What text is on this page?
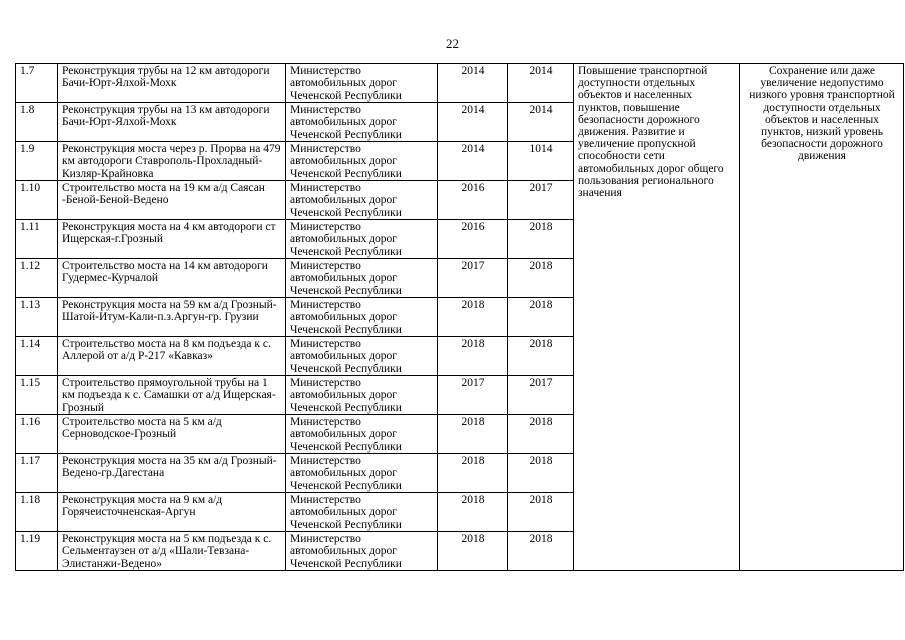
22
1.7	Реконструкция трубы на 12 км автодороги Бачи-Юрт-Ялхой-Мохк	Министерство автомобильных дорог Чеченской Республики	2014	2014	Повышение транспортной доступности отдельных объектов и населенных пунктов, повышение безопасности дорожного движения. Развитие и увеличение пропускной способности сети автомобильных дорог общего пользования регионального значения	Сохранение или даже увеличение недопустимо низкого уровня транспортной доступности отдельных объектов и населенных пунктов, низкий уровень безопасности дорожного движения
1.8	Реконструкция трубы на 13 км автодороги Бачи-Юрт-Ялхой-Мохк	Министерство автомобильных дорог Чеченской Республики	2014	2014		
1.9	Реконструкция моста через р. Прорва на 479 км автодороги Ставрополь-Прохладный-Кизляр-Крайновка	Министерство автомобильных дорог Чеченской Республики	2014	1014		
1.10	Строительство моста на 19 км а/д Саясан -Беной-Беной-Ведено	Министерство автомобильных дорог Чеченской Республики	2016	2017		
1.11	Реконструкция моста на 4 км автодороги ст Ищерская-г.Грозный	Министерство автомобильных дорог Чеченской Республики	2016	2018		
1.12	Строительство моста на 14 км автодороги Гудермес-Курчалой	Министерство автомобильных дорог Чеченской Республики	2017	2018		
1.13	Реконструкция моста на 59 км а/д Грозный-Шатой-Итум-Кали-п.з.Аргун-гр. Грузии	Министерство автомобильных дорог Чеченской Республики	2018	2018		
1.14	Строительство моста на 8 км подъезда к с. Аллерой от а/д Р-217 «Кавказ»	Министерство автомобильных дорог Чеченской Республики	2018	2018		
1.15	Строительство прямоугольной трубы на 1 км подъезда к с. Самашки от а/д Ищерская-Грозный	Министерство автомобильных дорог Чеченской Республики	2017	2017		
1.16	Строительство моста на 5 км а/д Серноводское-Грозный	Министерство автомобильных дорог Чеченской Республики	2018	2018		
1.17	Реконструкция моста на 35 км а/д Грозный-Ведено-гр.Дагестана	Министерство автомобильных дорог Чеченской Республики	2018	2018		
1.18	Реконструкция моста на 9 км а/д Горячеисточненская-Аргун	Министерство автомобильных дорог Чеченской Республики	2018	2018		
1.19	Реконструкция моста на 5 км подъезда к с. Сельментаузен от а/д «Шали-Тевзана-Элистанжи-Ведено»	Министерство автомобильных дорог Чеченской Республики	2018	2018		
